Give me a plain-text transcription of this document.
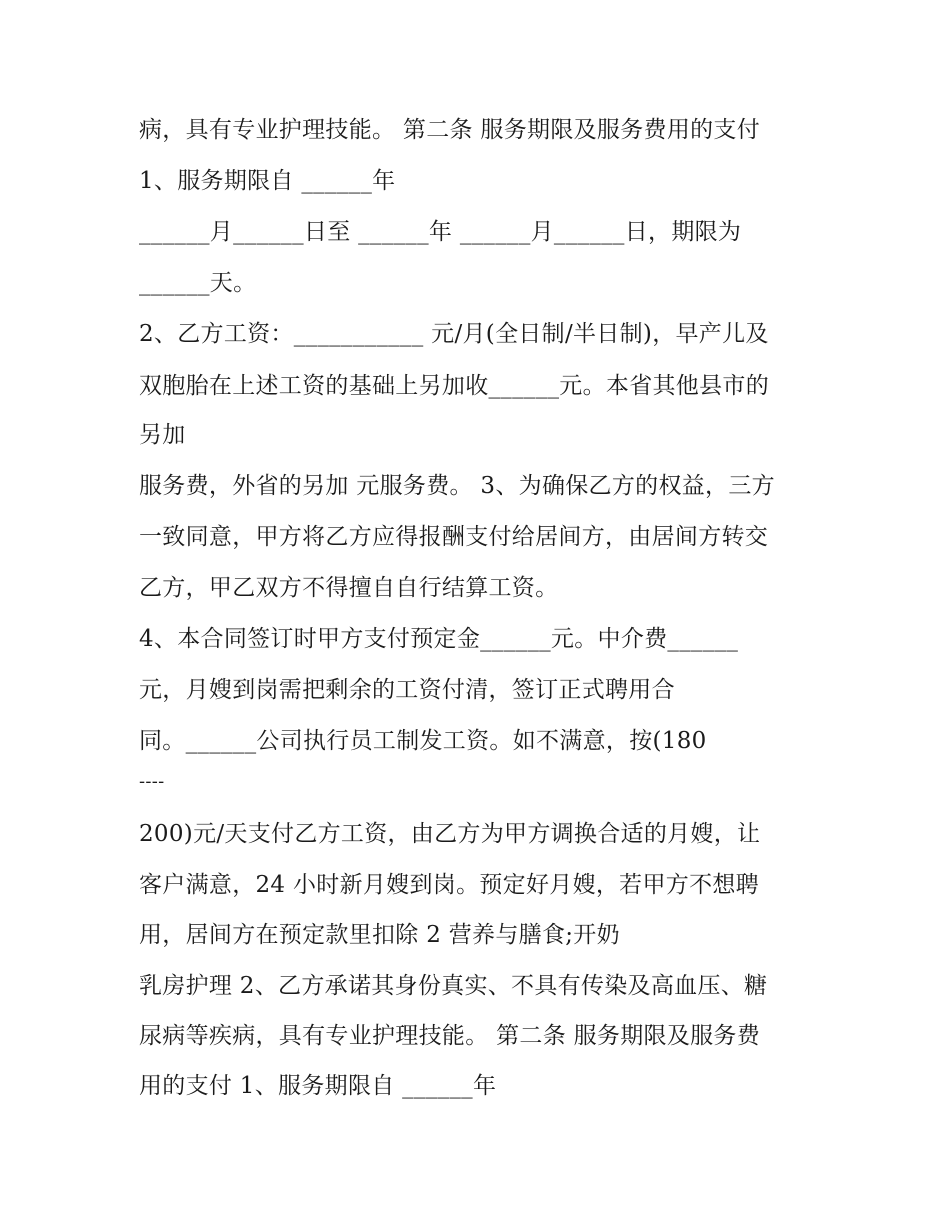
病，具有专业护理技能。 第二条 服务期限及服务费用的支付

1、服务期限自 ______年

______月______日至 ______年 ______月______日，期限为

______天。

2、乙方工资：___________ 元/月(全日制/半日制)，早产儿及

双胞胎在上述工资的基础上另加收______元。本省其他县市的

另加

服务费，外省的另加 元服务费。 3、为确保乙方的权益，三方

一致同意，甲方将乙方应得报酬支付给居间方，由居间方转交

乙方，甲乙双方不得擅自自行结算工资。

4、本合同签订时甲方支付预定金______元。中介费______

元，月嫂到岗需把剩余的工资付清，签订正式聘用合

同。______公司执行员工制发工资。如不满意，按(180

----

200)元/天支付乙方工资，由乙方为甲方调换合适的月嫂，让

客户满意，24 小时新月嫂到岗。预定好月嫂，若甲方不想聘

用，居间方在预定款里扣除 2 营养与膳食;开奶

乳房护理 2、乙方承诺其身份真实、不具有传染及高血压、糖

尿病等疾病，具有专业护理技能。 第二条 服务期限及服务费

用的支付 1、服务期限自 ______年
